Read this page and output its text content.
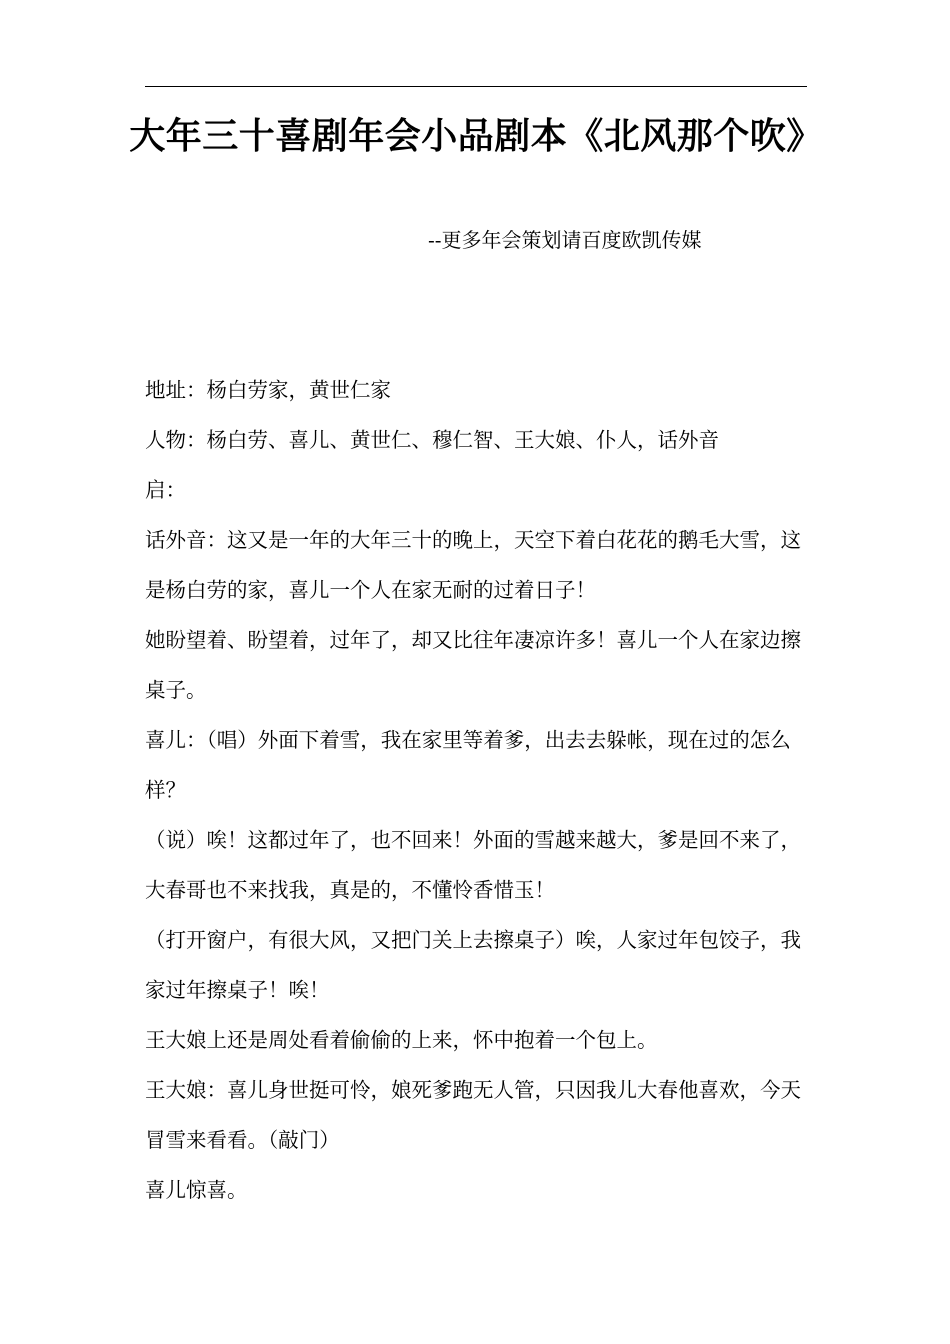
大年三十喜剧年会小品剧本《北风那个吹》

--更多年会策划请百度欧凯传媒

地址：杨白劳家，黄世仁家

人物：杨白劳、喜儿、黄世仁、穆仁智、王大娘、仆人，话外音

启：

话外音：这又是一年的大年三十的晚上，天空下着白花花的鹅毛大雪，这是杨白劳的家，喜儿一个人在家无耐的过着日子！

她盼望着、盼望着，过年了，却又比往年凄凉许多！喜儿一个人在家边擦桌子。

喜儿：（唱）外面下着雪，我在家里等着爹，出去去躲帐，现在过的怎么样？

（说）唉！这都过年了，也不回来！外面的雪越来越大，爹是回不来了，大春哥也不来找我，真是的，不懂怜香惜玉！

（打开窗户，有很大风，又把门关上去擦桌子）唉，人家过年包饺子，我家过年擦桌子！唉！

王大娘上还是周处看着偷偷的上来，怀中抱着一个包上。

王大娘：喜儿身世挺可怜，娘死爹跑无人管，只因我儿大春他喜欢，今天冒雪来看看。（敲门）

喜儿惊喜。
